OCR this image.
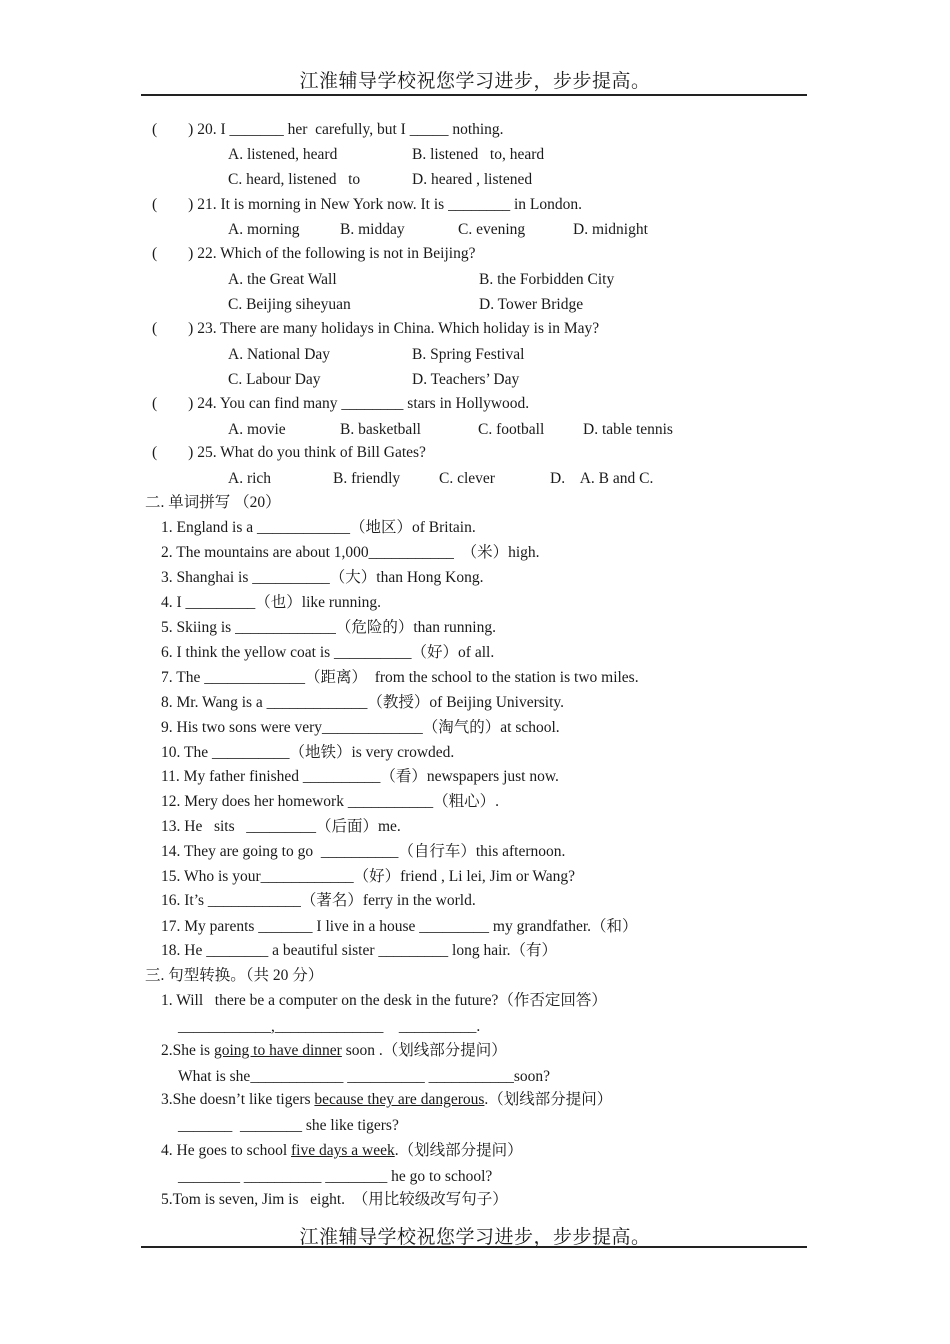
江淮辅导学校祝您学习进步，步步提高。
(        ) 20. I _______ her  carefully, but I _____ nothing.
A. listened, heard	B. listened   to, heard
C. heard, listened   to	D. heared , listened
(        ) 21. It is morning in New York now. It is ________ in London.
A. morning	B. midday	C. evening	D. midnight
(        ) 22. Which of the following is not in Beijing?
A. the Great Wall	B. the Forbidden City
C. Beijing siheyuan	D. Tower Bridge
(        ) 23. There are many holidays in China. Which holiday is in May?
A. National Day	B. Spring Festival
C. Labour Day	D. Teachers’ Day
(        ) 24. You can find many ________ stars in Hollywood.
A. movie	B. basketball	C. football D. table tennis
(        ) 25. What do you think of Bill Gates?
A. rich	B. friendly	C. clever	D.    A. B and C.
二. 单词拼写 （20）
1. England is a ____________（地区）of Britain.
2. The mountains are about 1,000___________  （米）high.
3. Shanghai is __________（大）than Hong Kong.
4. I _________（也）like running.
5. Skiing is _____________（危险的）than running.
6. I think the yellow coat is __________（好）of all.
7. The _____________（距离）  from the school to the station is two miles.
8. Mr. Wang is a _____________（教授）of Beijing University.
9. His two sons were very_____________（淘气的）at school.
10. The __________（地铁）is very crowded.
11. My father finished __________（看）newspapers just now.
12. Mery does her homework ___________（粗心）.
13. He   sits   _________（后面）me.
14. They are going to go  __________（自行车）this afternoon.
15. Who is your____________（好）friend , Li lei, Jim or Wang?
16. It’s ____________（著名）ferry in the world.
17. My parents _______ I live in a house _________ my grandfather.（和）
18. He ________ a beautiful sister _________ long hair.（有）
三. 句型转换。（共 20 分）
1. Will   there be a computer on the desk in the future?（作否定回答）
____________,______________    __________.
2.She is going to have dinner soon .（划线部分提问）
What is she____________ __________ ___________soon?
3.She doesn’t like tigers because they are dangerous.（划线部分提问）
_______  ________ she like tigers?
4. He goes to school five days a week.（划线部分提问）
________ __________ ________ he go to school?
5.Tom is seven, Jim is   eight.  （用比较级改写句子）
江淮辅导学校祝您学习进步，步步提高。
